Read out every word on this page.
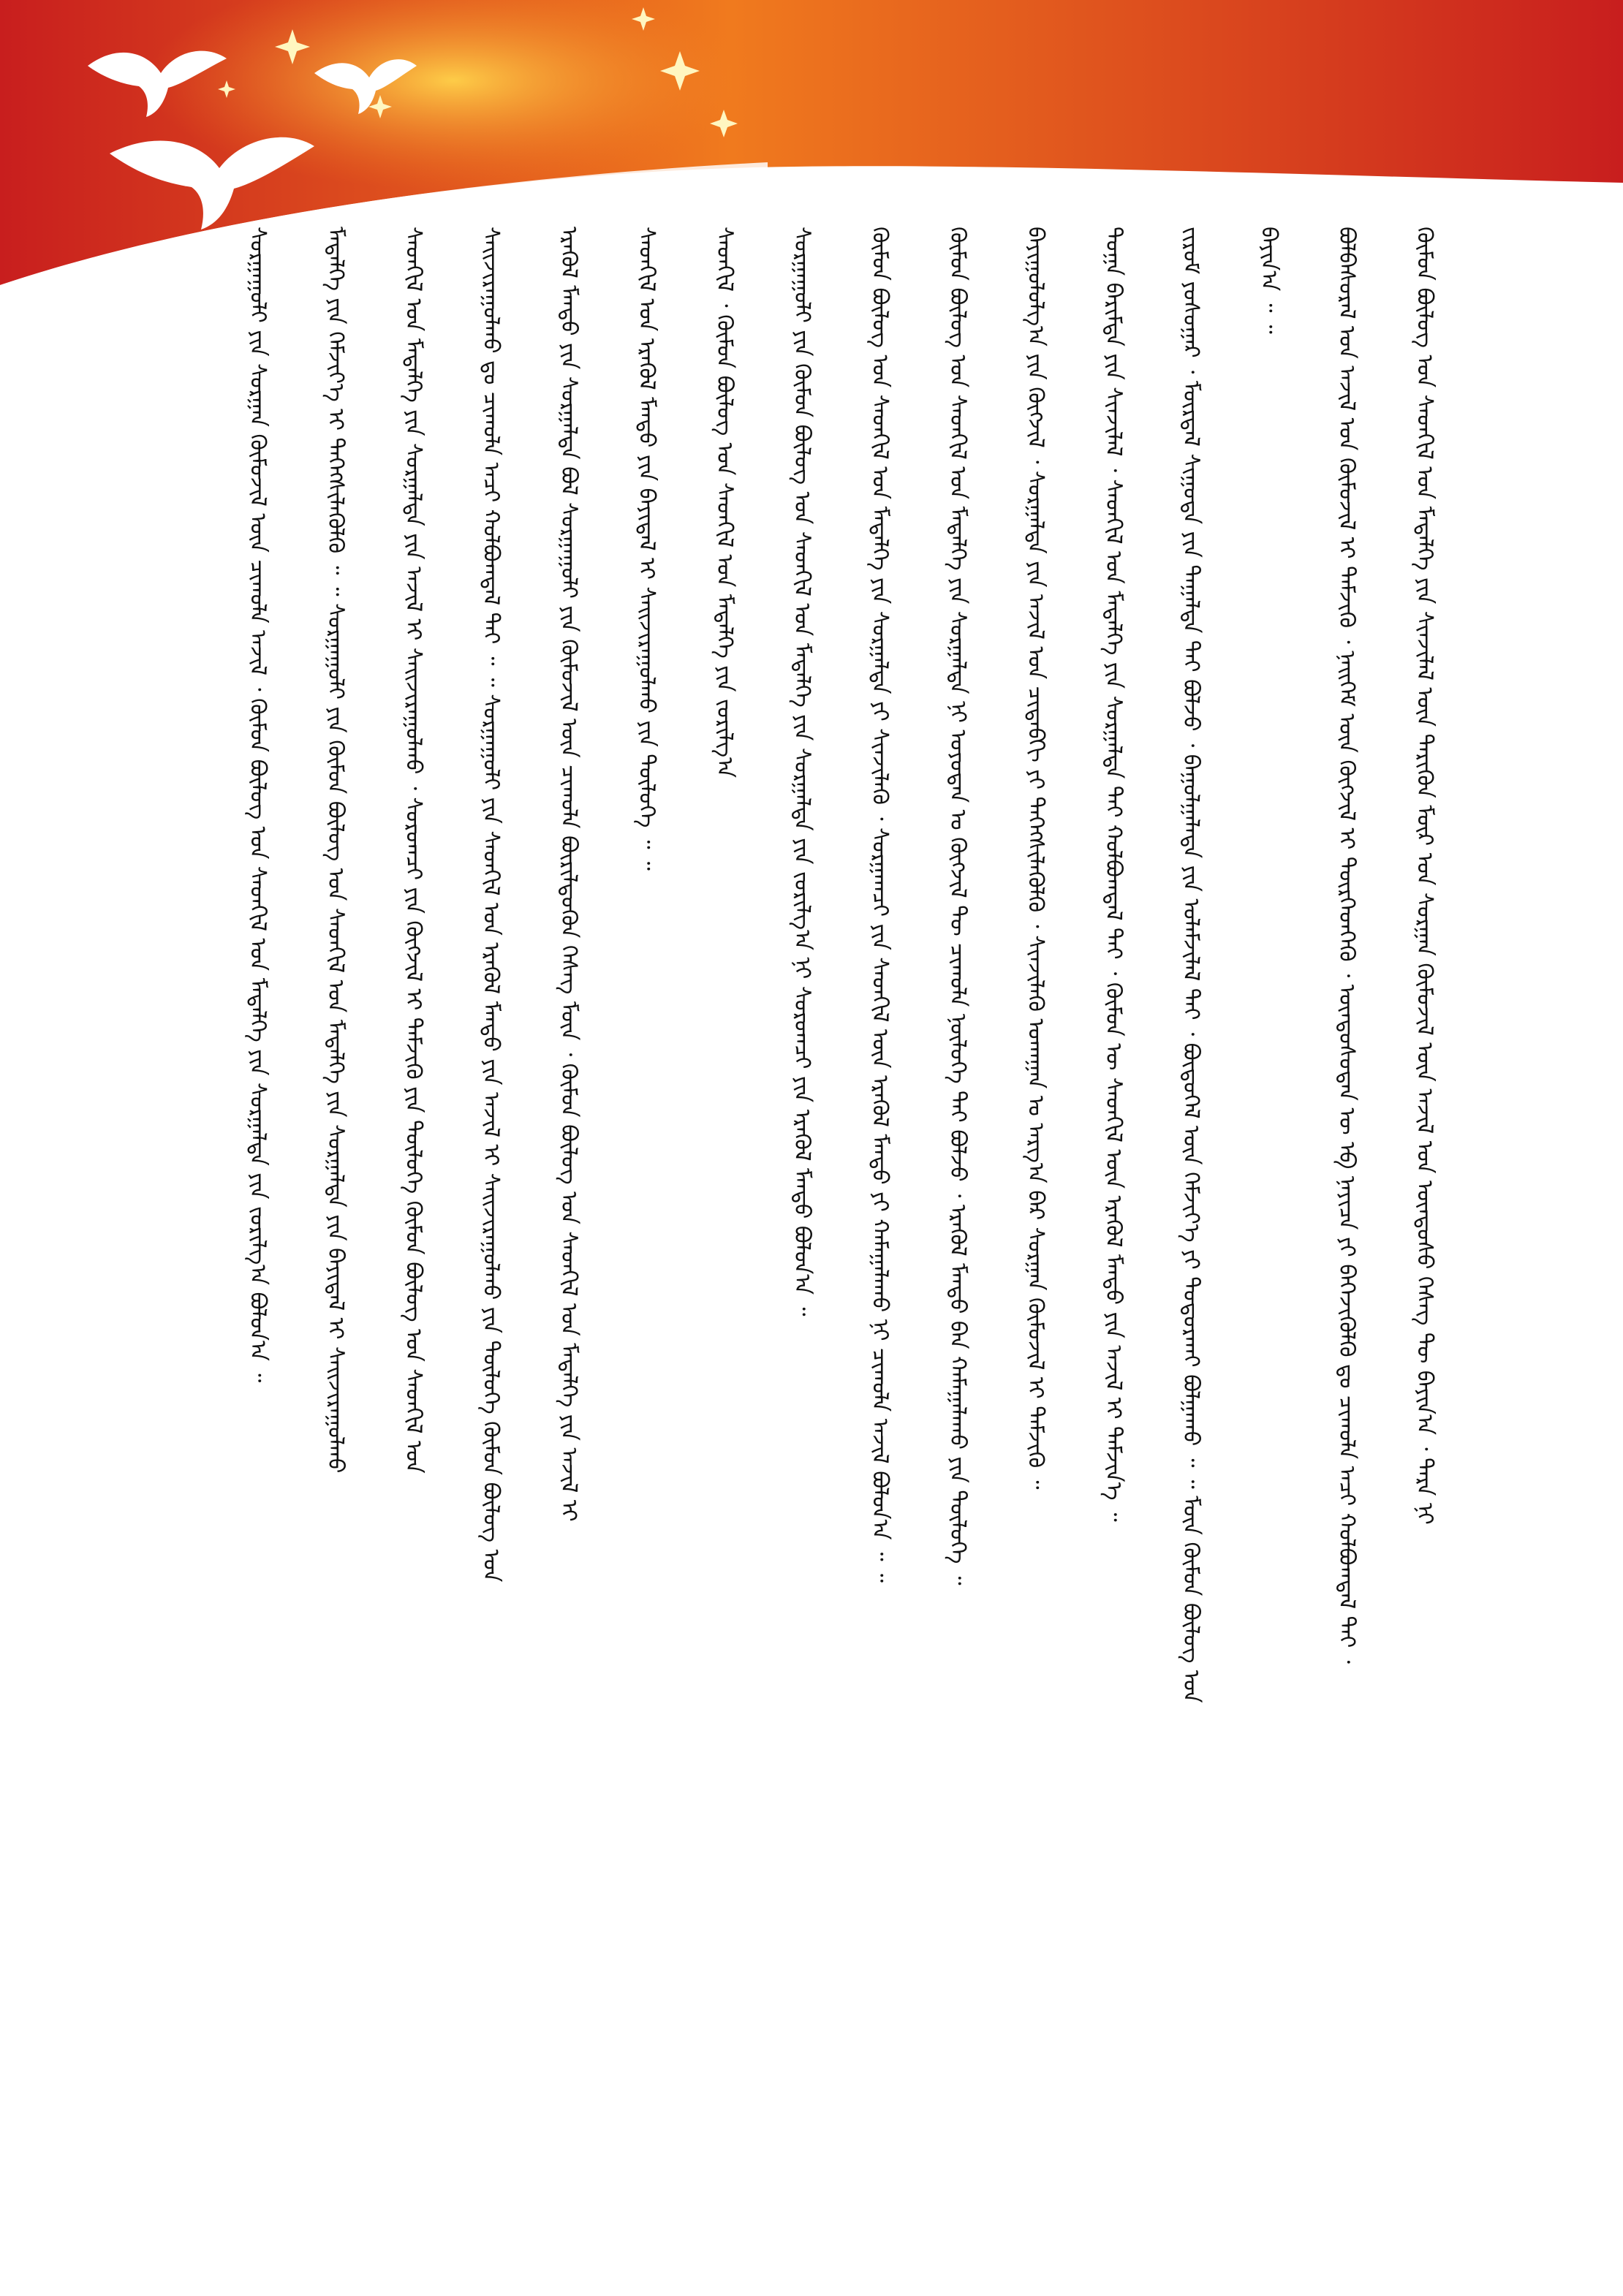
ᠬᠦᠮᠦᠨ ᠪᠦᠯᠦᠭ ᠤᠨ ᠰᠡᠳᠬᠢᠯ ᠤᠨ ᠮᠡᠳᠡᠯᠭᠡ ᠶᠢᠨ ᠰᠢᠨᠵᠢᠯᠡᠯ ᠦᠨ ᠲᠡᠷᠢᠭᠦᠨ ᠮᠥᠷ ᠤᠨ ᠰᠤᠷᠭᠠᠨ ᠬᠦᠮᠦᠵᠢᠯ ᠦᠨ ᠠᠵᠢᠯ ᠤᠨ ᠦᠨᠳᠦᠰᠦ ᠬᠡᠰᠡᠭ ᠲᠦ ᠪᠠᠶᠢᠨ᠎ᠠ ᠂ ᠲᠡᠷᠡ ᠨᠢ
ᠪᠣᠯᠪᠠᠰᠤᠷᠠᠯ ᠤᠨ ᠠᠵᠢᠯ ᠤᠨ ᠬᠦᠮᠦᠵᠢᠯ ᠢ ᠳᠡᠮᠵᠢᠬᠦ ᠂ ᠨᠡᠢᠭᠡᠮ ᠦᠨ ᠬᠥᠭᠵᠢᠯ ᠢ ᠲᠦᠷᠭᠡᠳᠬᠡᠬᠦ ᠂ ᠦᠨᠳᠦᠰᠦᠲᠡᠨ ᠦ ᠡᠪ ᠨᠡᠶᠢᠴᠡ ᠶᠢ ᠪᠡᠬᠡᠵᠢᠭᠦᠯᠬᠦ ᠳᠤ ᠴᠢᠬᠤᠯᠠ ᠠᠴᠢ ᠬᠣᠯᠪᠣᠭᠳᠠᠯ ᠲᠠᠢ ᠂
ᠪᠠᠶᠢᠨ᠎ᠠ ᠃ ᠃
ᠵᠢᠷᠤᠮ ᠶᠣᠰᠣᠭᠠᠷ ᠂ ᠮᠥᠷᠳᠡᠯ ᠰᠢᠭᠤᠳᠠ ᠶᠢᠨ ᠳᠠᠭᠠᠯᠳᠠ ᠲᠠᠢ ᠪᠣᠯᠵᠤ ᠂ ᠪᠠᠭᠤᠯᠭᠠᠯᠠᠳᠠ ᠶᠢᠨ ᠤᠯᠠᠮᠵᠢᠯᠠᠯ ᠲᠠᠢ ᠂ ᠪᠦᠲᠦᠭᠡᠯ ᠦᠨ ᠬᠡᠮᠵᠢᠶ᠎ᠡ ᠶᠢ ᠲᠣᠳᠤᠷᠬᠠᠢ ᠪᠣᠯᠭᠠᠬᠤ ᠃ ᠃ ᠮᠥᠨ ᠬᠦᠮᠦᠨ ᠪᠦᠯᠦᠭ ᠤᠨ
ᠲᠣᠭᠠ ᠪᠠᠷᠢᠮᠳᠠ ᠶᠢᠨ ᠰᠢᠨᠵᠢᠯᠡᠯ ᠂ ᠰᠡᠳᠬᠢᠯ ᠤᠨ ᠮᠡᠳᠡᠯᠭᠡ ᠶᠢᠨ ᠰᠤᠷᠭᠠᠯᠳᠠ ᠲᠠᠢ ᠬᠣᠯᠪᠣᠭᠳᠠᠯ ᠲᠠᠢ ᠂ ᠬᠦᠮᠦᠨ ᠦ ᠰᠡᠳᠬᠢᠯ ᠦᠨ ᠡᠷᠡᠭᠦᠯ ᠮᠡᠨᠳᠦ ᠶᠢᠨ ᠠᠵᠢᠯ ᠢ ᠳᠡᠮᠵᠢᠨ᠎ᠡ ᠃
ᠪᠠᠶᠢᠭᠤᠯᠤᠯᠭ᠎ᠠ ᠶᠢᠨ ᠬᠥᠭᠵᠢᠯ ᠂ ᠰᠤᠷᠭᠠᠯᠲᠠ ᠶᠢᠨ ᠠᠵᠢᠯ ᠤᠨ ᠴᠢᠳᠠᠪᠬᠢ ᠶᠢ ᠳᠡᠭᠡᠭᠰᠢᠯᠡᠭᠦᠯᠬᠦ ᠂ ᠰᠢᠨᠵᠢᠯᠡᠬᠦ ᠤᠬᠠᠭᠠᠨ ᠤ ᠠᠷᠭ᠎ᠠ ᠪᠠᠷ ᠰᠤᠷᠭᠠᠨ ᠬᠦᠮᠦᠵᠢᠯ ᠢ ᠳᠡᠮᠵᠢᠬᠦ ᠃
ᠬᠦᠮᠦᠨ ᠪᠦᠯᠦᠭ ᠤᠨ ᠰᠡᠳᠬᠢᠯ ᠤᠨ ᠮᠡᠳᠡᠯᠭᠡ ᠶᠢᠨ ᠰᠤᠷᠭᠠᠯᠲᠠ ᠨᠢ ᠣᠶᠤᠲᠠᠨ ᠤ ᠬᠥᠭᠵᠢᠯ ᠲᠦ ᠴᠢᠬᠤᠯᠠ ᠨᠥᠯᠦᠭᠡ ᠲᠠᠢ ᠪᠣᠯᠵᠤ ᠂ ᠡᠷᠡᠭᠦᠯ ᠮᠡᠨᠳᠦ ᠪᠠᠨ ᠬᠠᠮᠠᠭᠠᠯᠠᠬᠤ ᠶᠢᠨ ᠲᠥᠯᠦᠭᠡ ᠃
ᠬᠦᠮᠦᠨ ᠪᠦᠯᠦᠭ ᠤᠨ ᠰᠡᠳᠬᠢᠯ ᠤᠨ ᠮᠡᠳᠡᠯᠭᠡ ᠶᠢᠨ ᠰᠤᠷᠭᠠᠯᠲᠠ ᠶᠢ ᠰᠢᠨᠵᠢᠯᠡᠬᠦ ᠂ ᠰᠤᠷᠭᠠᠭᠴᠢ ᠶᠢᠨ ᠰᠡᠳᠬᠢᠯ ᠦᠨ ᠡᠷᠡᠭᠦᠯ ᠮᠡᠨᠳᠦ ᠶᠢ ᠬᠠᠮᠠᠭᠠᠯᠠᠬᠤ ᠨᠢ ᠴᠢᠬᠤᠯᠠ ᠠᠵᠢᠯ ᠪᠣᠯᠤᠨ᠎ᠠ ᠃ ᠃
ᠰᠤᠷᠭᠠᠭᠤᠯᠢ ᠶᠢᠨ ᠬᠦᠮᠦᠨ ᠪᠦᠯᠦᠭ ᠤᠨ ᠰᠡᠳᠬᠢᠯ ᠤᠨ ᠮᠡᠳᠡᠯᠭᠡ ᠶᠢᠨ ᠰᠤᠷᠭᠠᠯᠲᠠ ᠶᠢᠨ ᠵᠣᠷᠢᠯᠭ᠎ᠠ ᠨᠢ ᠰᠤᠷᠤᠭᠴᠢ ᠶᠢᠨ ᠡᠷᠡᠭᠦᠯ ᠮᠡᠨᠳᠦ ᠪᠣᠯᠤᠨ᠎ᠠ ᠃
ᠰᠡᠳᠬᠢᠯ ᠂ ᠬᠦᠮᠦᠨ ᠪᠦᠯᠦᠭ ᠤᠨ ᠰᠡᠳᠬᠢᠯ ᠤᠨ ᠮᠡᠳᠡᠯᠭᠡ ᠶᠢᠨ ᠵᠣᠷᠢᠯᠭ᠎ᠠ
ᠰᠡᠳᠬᠢᠯ ᠤᠨ ᠡᠷᠡᠭᠦᠯ ᠮᠡᠨᠳᠦ ᠶᠢᠨ ᠪᠠᠶᠢᠳᠠᠯ ᠢ ᠰᠠᠢᠵᠢᠷᠠᠭᠤᠯᠬᠤ ᠶᠢᠨ ᠲᠥᠯᠦᠭᠡ ᠃ ᠃
ᠡᠷᠡᠭᠦᠯ ᠮᠡᠨᠳᠦ ᠶᠢᠨ ᠰᠤᠷᠭᠠᠯᠲᠠ ᠪᠣᠯ ᠰᠤᠷᠭᠠᠭᠤᠯᠢ ᠶᠢᠨ ᠬᠦᠮᠦᠵᠢᠯ ᠦᠨ ᠴᠢᠬᠤᠯᠠ ᠪᠦᠷᠢᠯᠳᠦᠬᠦᠨ ᠬᠡᠰᠡᠭ ᠮᠥᠨ ᠂ ᠬᠦᠮᠦᠨ ᠪᠦᠯᠦᠭ ᠤᠨ ᠰᠡᠳᠬᠢᠯ ᠤᠨ ᠮᠡᠳᠡᠯᠭᠡ ᠶᠢᠨ ᠠᠵᠢᠯ ᠢ
ᠰᠠᠢᠵᠢᠷᠠᠭᠤᠯᠬᠤ ᠳᠤ ᠴᠢᠬᠤᠯᠠ ᠠᠴᠢ ᠬᠤᠯᠪᠤᠭᠳᠠᠯ ᠲᠠᠢ ᠃ ᠃ ᠰᠤᠷᠭᠠᠭᠤᠯᠢ ᠶᠢᠨ ᠰᠡᠳᠬᠢᠯ ᠤᠨ ᠡᠷᠡᠭᠦᠯ ᠮᠡᠨᠳᠦ ᠶᠢᠨ ᠠᠵᠢᠯ ᠢ ᠰᠠᠢᠵᠢᠷᠠᠭᠤᠯᠬᠤ ᠶᠢᠨ ᠲᠥᠯᠦᠭᠡ ᠬᠦᠮᠦᠨ ᠪᠦᠯᠦᠭ ᠤᠨ
ᠰᠡᠳᠬᠢᠯ ᠤᠨ ᠮᠡᠳᠡᠯᠭᠡ ᠶᠢᠨ ᠰᠤᠷᠭᠠᠯᠲᠠ ᠶᠢᠨ ᠠᠵᠢᠯ ᠢ ᠰᠠᠢᠵᠢᠷᠠᠭᠤᠯᠬᠤ ᠂ ᠰᠤᠷᠤᠭᠴᠢ ᠶᠢᠨ ᠬᠥᠭᠵᠢᠯ ᠢ ᠳᠡᠮᠵᠢᠬᠦ ᠶᠢᠨ ᠲᠥᠯᠦᠭᠡ ᠬᠦᠮᠦᠨ ᠪᠦᠯᠦᠭ ᠤᠨ ᠰᠡᠳᠬᠢᠯ ᠤᠨ
ᠮᠡᠳᠡᠯᠭᠡ ᠶᠢᠨ ᠬᠡᠮᠵᠢᠶ᠎ᠡ ᠢ ᠳᠡᠭᠡᠭᠰᠢᠯᠡᠭᠦᠯᠬᠦ ᠃ ᠃ ᠰᠤᠷᠭᠠᠭᠤᠯᠢ ᠶᠢᠨ ᠬᠦᠮᠦᠨ ᠪᠦᠯᠦᠭ ᠤᠨ ᠰᠡᠳᠬᠢᠯ ᠤᠨ ᠮᠡᠳᠡᠯᠭᠡ ᠶᠢᠨ ᠰᠤᠷᠭᠠᠯᠲᠠ ᠶᠢᠨ ᠪᠠᠶᠢᠳᠠᠯ ᠢ ᠰᠠᠢᠵᠢᠷᠠᠭᠤᠯᠬᠤ
ᠰᠤᠷᠭᠠᠭᠤᠯᠢ ᠶᠢᠨ ᠰᠤᠷᠭᠠᠨ ᠬᠦᠮᠦᠵᠢᠯ ᠦᠨ ᠴᠢᠬᠤᠯᠠ ᠠᠵᠢᠯ ᠂ ᠬᠦᠮᠦᠨ ᠪᠦᠯᠦᠭ ᠤᠨ ᠰᠡᠳᠬᠢᠯ ᠤᠨ ᠮᠡᠳᠡᠯᠭᠡ ᠶᠢᠨ ᠰᠤᠷᠭᠠᠯᠲᠠ ᠶᠢᠨ ᠵᠣᠷᠢᠯᠭ᠎ᠠ ᠪᠣᠯᠤᠨ᠎ᠠ ᠃
